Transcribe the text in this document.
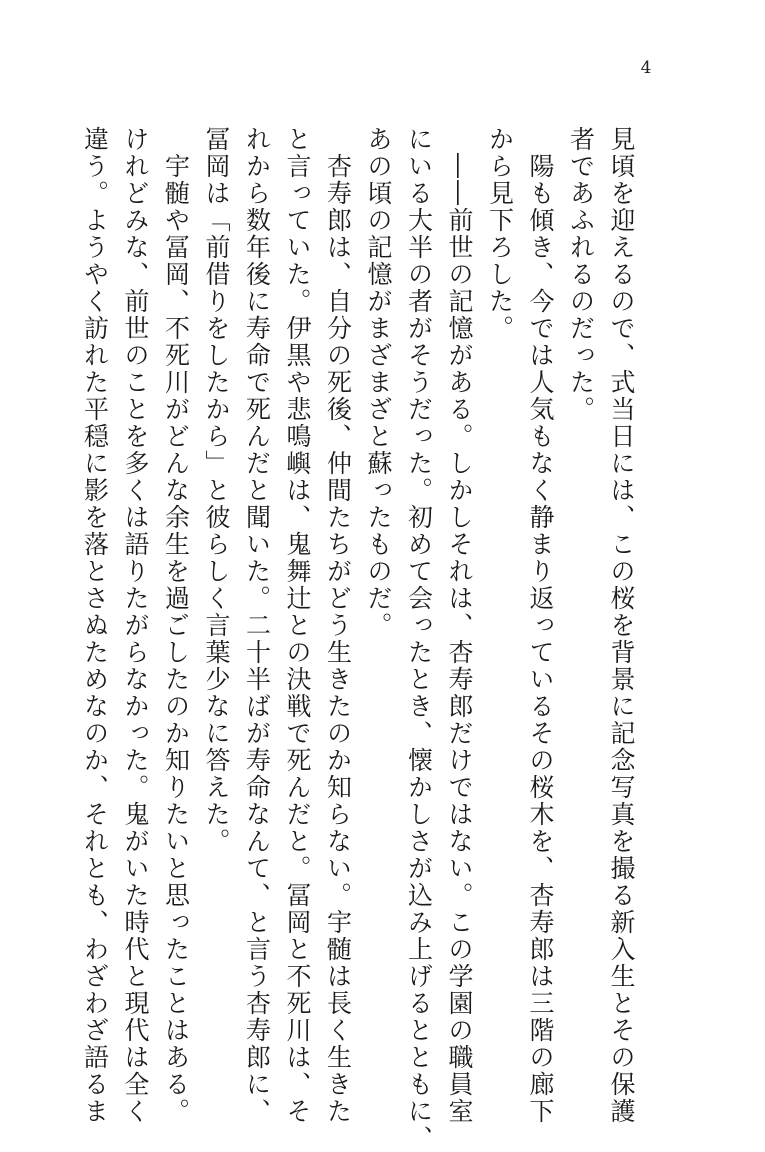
4
見頃を迎えるので、式当日には、この桜を背景に記念写真を撮る新入生とその保護
者であふれるのだった。
　陽も傾き、今では人気もなく静まり返っているその桜木を、杏寿郎は三階の廊下
から見下ろした。
　――前世の記憶がある。しかしそれは、杏寿郎だけではない。この学園の職員室
にいる大半の者がそうだった。初めて会ったとき、懐かしさが込み上げるとともに、
あの頃の記憶がまざまざと蘇ったものだ。
　杏寿郎は、自分の死後、仲間たちがどう生きたのか知らない。宇髄は長く生きた
と言っていた。伊黒や悲鳴嶼は、鬼舞辻との決戦で死んだと。冨岡と不死川は、そ
れから数年後に寿命で死んだと聞いた。二十半ばが寿命なんて、と言う杏寿郎に、
冨岡は「前借りをしたから」と彼らしく言葉少なに答えた。
　宇髄や冨岡、不死川がどんな余生を過ごしたのか知りたいと思ったことはある。
けれどみな、前世のことを多くは語りたがらなかった。鬼がいた時代と現代は全く
違う。ようやく訪れた平穏に影を落とさぬためなのか、それとも、わざわざ語るま
